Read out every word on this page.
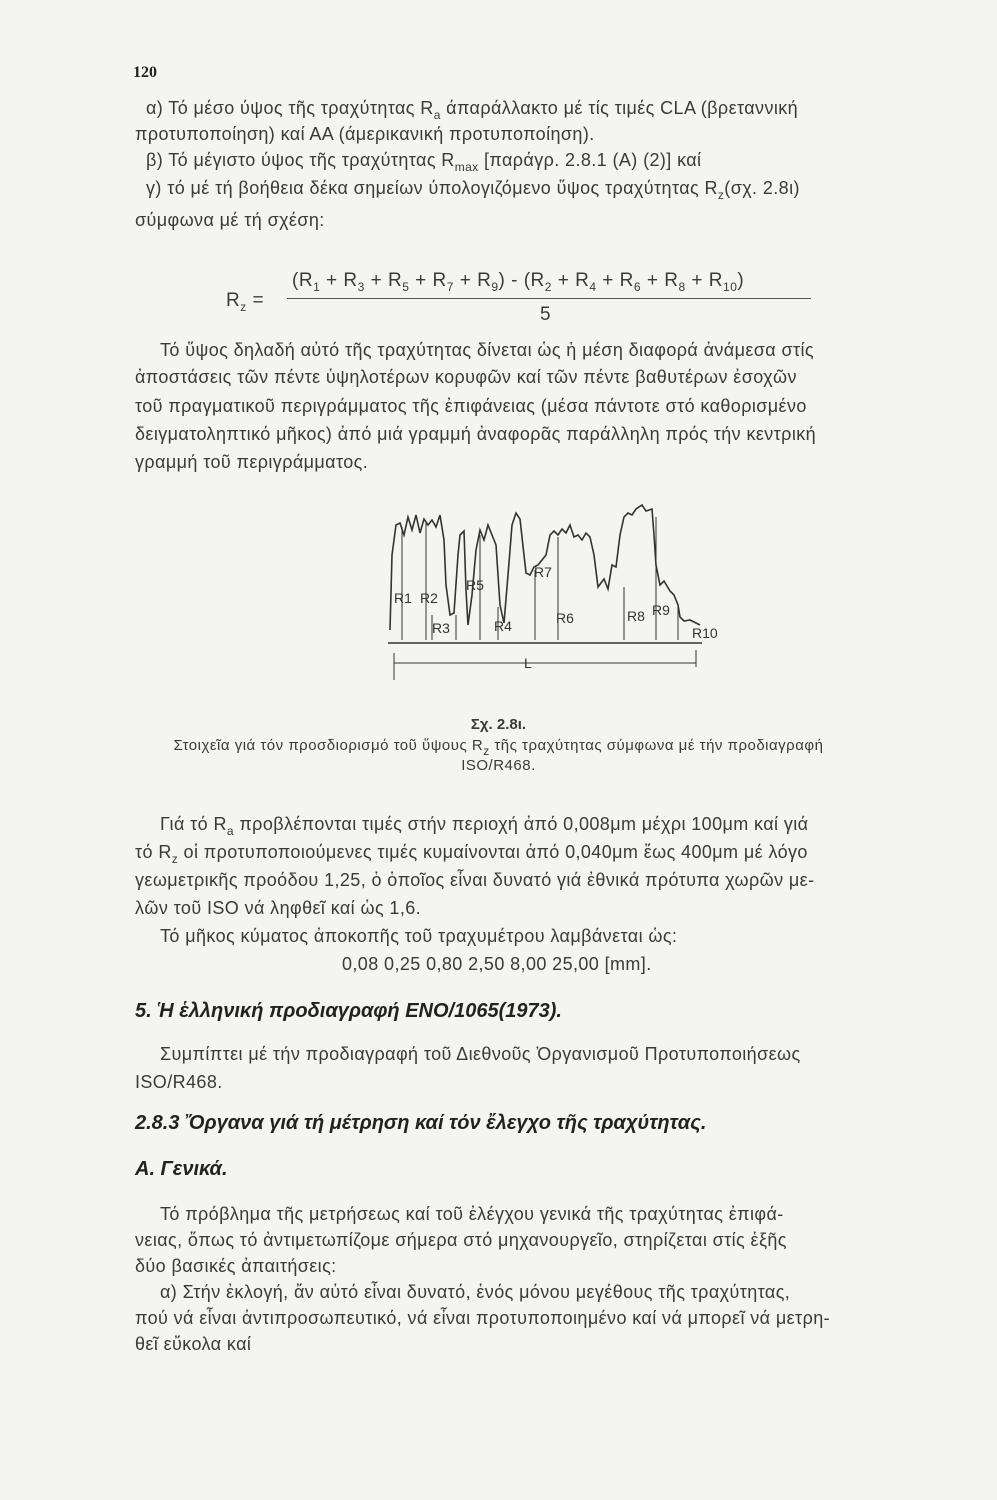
120
α) Τό μέσο ύψος τῆς τραχύτητας $R_a$ άπαράλλακτο μέ τίς τιμές CLA (βρεταννική
προτυποποίηση) καί ΑΑ (άμερικανική προτυποποίηση).
β) Τό μέγιστο ύψος τῆς τραχύτητας $R_{max}$ [παράγρ. 2.8.1 (Α) (2)] καί
γ) τό μέ τή βοήθεια δέκα σημείων ύπολογιζόμενο ὕψος τραχύτητας $R_z(\sigma\chi$. 2.8ι)
σύμφωνα μέ τή σχέση:
$R_z$ =
$(R_1 + R_3 + R_5 + R_7 + R_9) - (R_2 + R_4 + R_6 + R_8 + R_{10})$
5
Τό ὕψος δηλαδή αὐτό τῆς τραχύτητας δίνεται ὡς ἡ μέση διαφορά ἀνάμεσα στίς
ἀποστάσεις τῶν πέντε ὑψηλοτέρων κορυφῶν καί τῶν πέντε βαθυτέρων ἐσοχῶν
τοῦ πραγματικοῦ περιγράμματος τῆς ἐπιφάνειας (μέσα πάντοτε στό καθορισμένο
δειγματοληπτικό μῆκος) ἀπό μιά γραμμή ἀναφορᾶς παράλληλη πρός τήν κεντρική
γραμμή τοῦ περιγράμματος.
R1 R2
R3	R4
R5
R6
R7
R8 R9
R10
L
Σχ. 2.8ι.
Στοιχεῖα γιά τόν προσδιορισμό τοῦ ὕψους $R_z$ τῆς τραχύτητας σύμφωνα μέ τήν προδιαγραφή
ISO/R468.
Γιά τό $R_a$ προβλέπονται τιμές στήν περιοχή ἀπό 0,008μm μέχρι 100μm καί γιά
τό $R_z$ οἱ προτυποποιούμενες τιμές κυμαίνονται ἀπό 0,040μm ἕως 400μm μέ λόγο
γεωμετρικῆς προόδου 1,25, ὁ ὁποῖος εἶναι δυνατό γιά ἐθνικά πρότυπα χωρῶν με-
λῶν τοῦ ISO νά ληφθεῖ καί ὡς 1,6.
Τό μῆκος κύματος ἀποκοπῆς τοῦ τραχυμέτρου λαμβάνεται ὡς:
0,08 0,25 0,80 2,50 8,00 25,00 [mm].
5. Ἡ ἑλληνική προδιαγραφή ΕΝΟ/1065(1973).
Συμπίπτει μέ τήν προδιαγραφή τοῦ Διεθνοῦς Ὀργανισμοῦ Προτυποποιήσεως
ISO/R468.
2.8.3 Ὄργανα γιά τή μέτρηση καί τόν ἔλεγχο τῆς τραχύτητας.
Α. Γενικά.
Τό πρόβλημα τῆς μετρήσεως καί τοῦ ἐλέγχου γενικά τῆς τραχύτητας ἐπιφά-
νειας, ὅπως τό ἀντιμετωπίζομε σήμερα στό μηχανουργεῖο, στηρίζεται στίς ἑξῆς
δύο βασικές ἀπαιτήσεις:
α) Στήν ἐκλογή, ἄν αὐτό εἶναι δυνατό, ἑνός μόνου μεγέθους τῆς τραχύτητας,
πού νά εἶναι ἀντιπροσωπευτικό, νά εἶναι προτυποποιημένο καί νά μπορεῖ νά μετρη-
θεῖ εὔκολα καί
